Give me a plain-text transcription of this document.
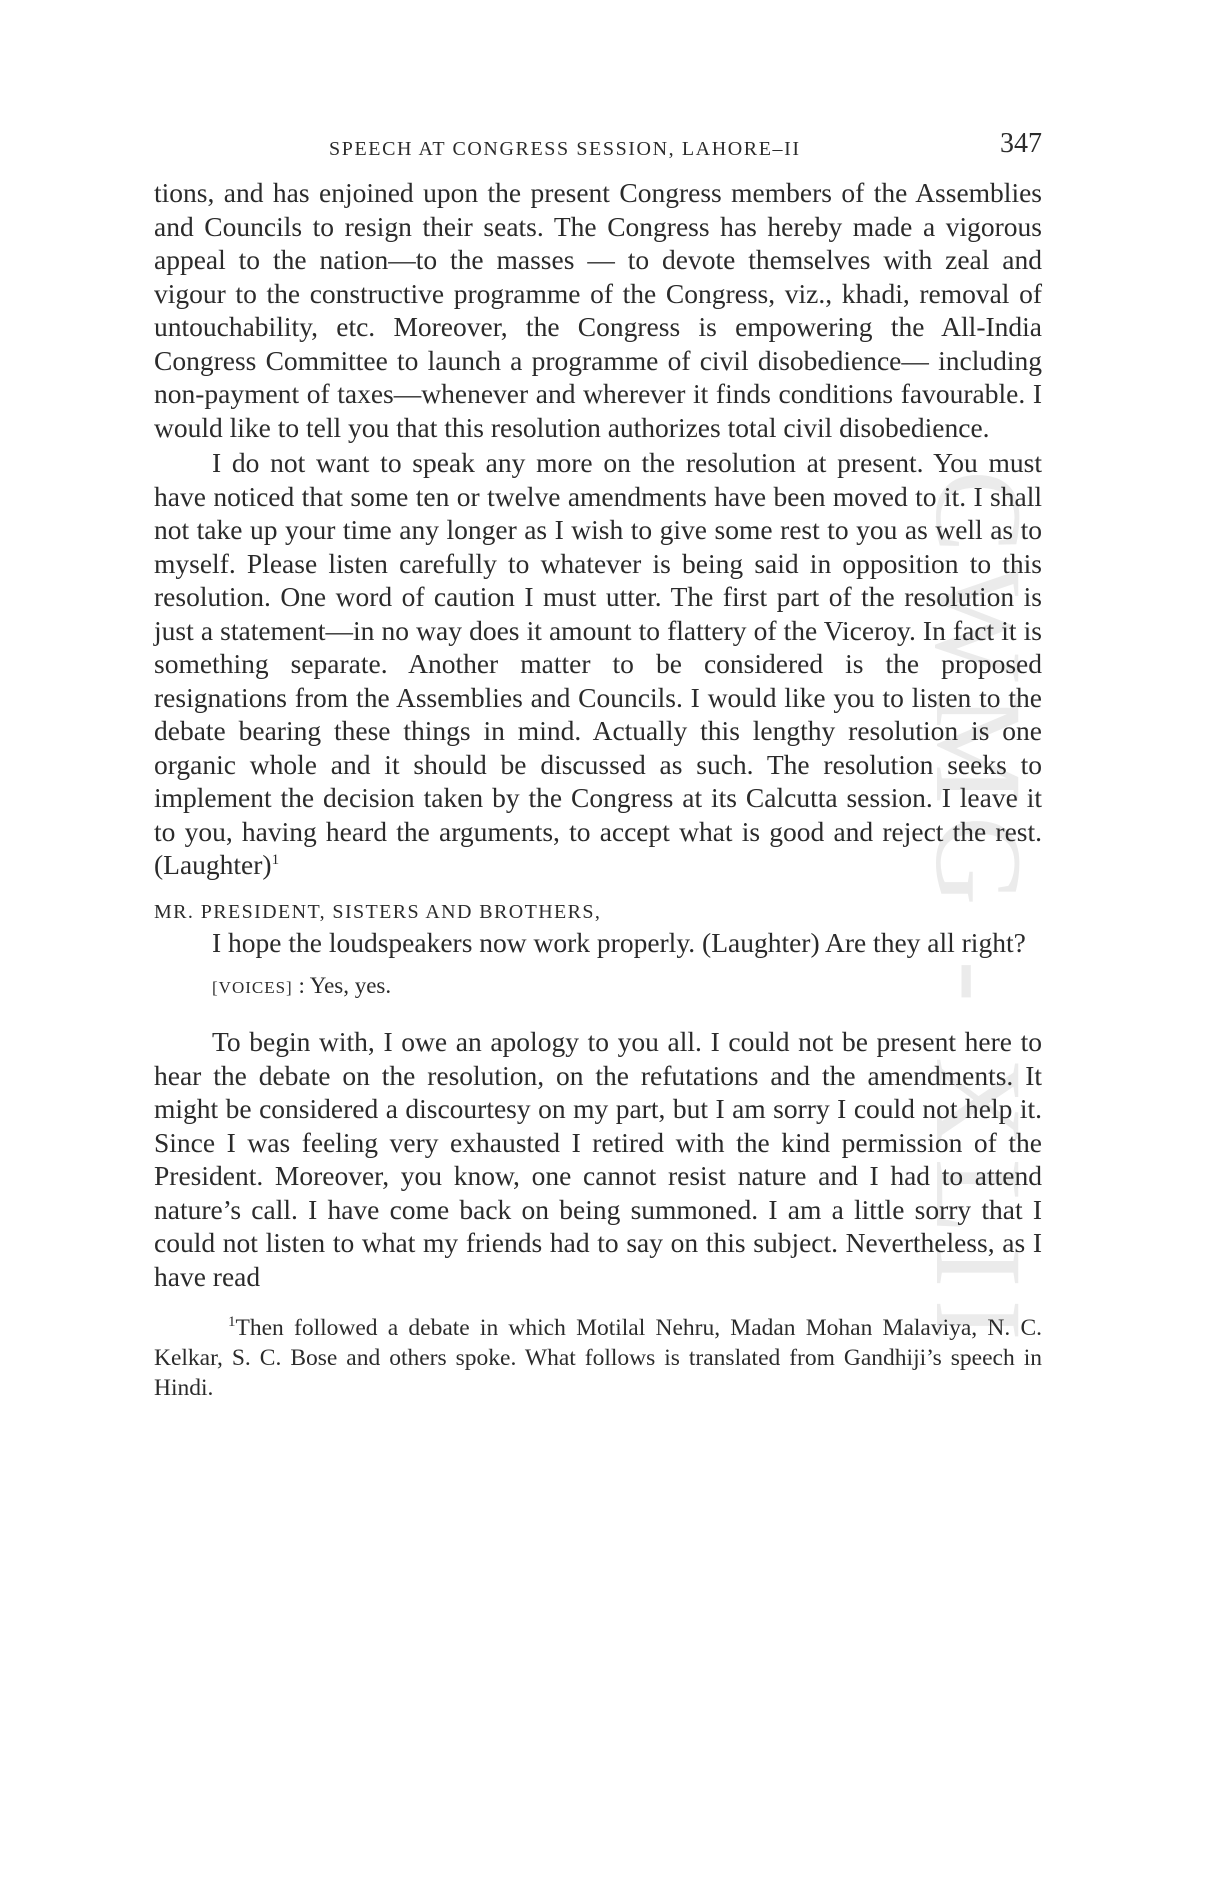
CWMG - XLII
SPEECH AT CONGRESS SESSION, LAHORE–II	347

tions, and has enjoined upon the present Congress members of the Assemblies and Councils to resign their seats. The Congress has hereby made a vigorous appeal to the nation—to the masses — to devote themselves with zeal and vigour to the constructive programme of the Congress, viz., khadi, removal of untouchability, etc. Moreover, the Congress is empowering the All-India Congress Committee to launch a programme of civil disobedience— including non-payment of taxes—whenever and wherever it finds conditions favourable. I would like to tell you that this resolution authorizes total civil disobedience.

I do not want to speak any more on the resolution at present. You must have noticed that some ten or twelve amendments have been moved to it. I shall not take up your time any longer as I wish to give some rest to you as well as to myself. Please listen carefully to whatever is being said in opposition to this resolution. One word of caution I must utter. The first part of the resolution is just a statement—in no way does it amount to flattery of the Viceroy. In fact it is something separate. Another matter to be considered is the proposed resignations from the Assemblies and Councils. I would like you to listen to the debate bearing these things in mind. Actually this lengthy resolution is one organic whole and it should be discussed as such. The resolution seeks to implement the decision taken by the Congress at its Calcutta session. I leave it to you, having heard the arguments, to accept what is good and reject the rest. (Laughter)$^1$

MR. PRESIDENT, SISTERS AND BROTHERS,

I hope the loudspeakers now work properly. (Laughter) Are they all right?

[VOICES] : Yes, yes.

To begin with, I owe an apology to you all. I could not be present here to hear the debate on the resolution, on the refutations and the amendments. It might be considered a discourtesy on my part, but I am sorry I could not help it. Since I was feeling very exhausted I retired with the kind permission of the President. Moreover, you know, one cannot resist nature and I had to attend nature’s call. I have come back on being summoned. I am a little sorry that I could not listen to what my friends had to say on this subject. Nevertheless, as I have read

$^1$Then followed a debate in which Motilal Nehru, Madan Mohan Malaviya, N. C. Kelkar, S. C. Bose and others spoke. What follows is translated from Gandhiji’s speech in Hindi.
